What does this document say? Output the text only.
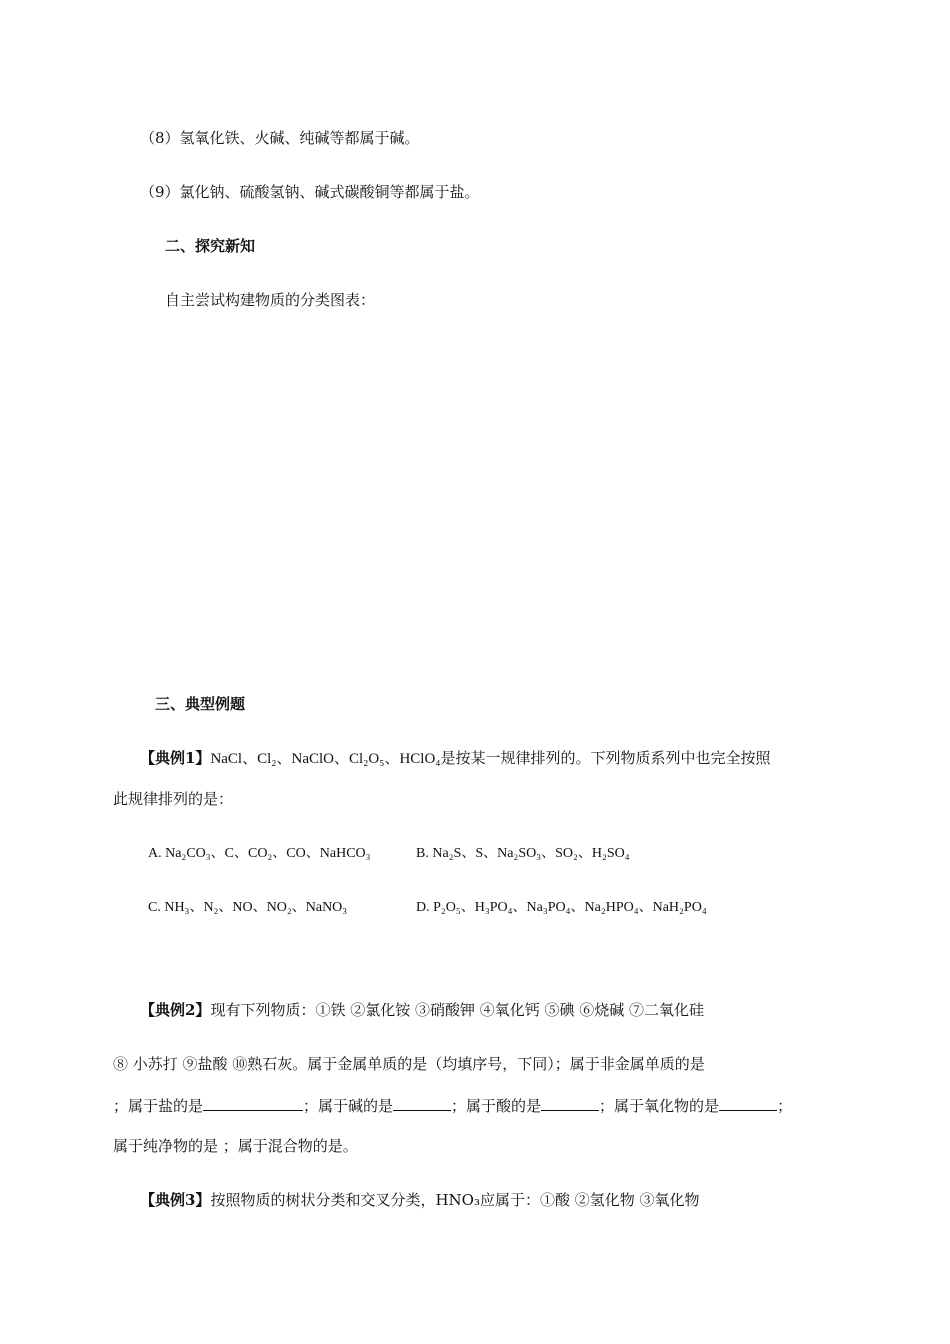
（8）氢氧化铁、火碱、纯碱等都属于碱。
（9）氯化钠、硫酸氢钠、碱式碳酸铜等都属于盐。
二、探究新知
自主尝试构建物质的分类图表：
三、典型例题
【典例1】NaCl、Cl₂、NaClO、Cl₂O₅、HClO₄是按某一规律排列的。下列物质系列中也完全按照
此规律排列的是：
A. Na₂CO₃、C、CO₂、CO、NaHCO₃	B. Na₂S、S、Na₂SO₃、SO₂、H₂SO₄
C. NH₃、N₂、NO、NO₂、NaNO₃	D. P₂O₅、H₃PO₄、Na₃PO₄、Na₂HPO₄、NaH₂PO₄
【典例2】现有下列物质：①铁 ②氯化铵 ③硝酸钾 ④氧化钙 ⑤碘 ⑥烧碱 ⑦二氧化硅
⑧ 小苏打 ⑨盐酸 ⑩熟石灰。属于金属单质的是（均填序号，下同）；属于非金属单质的是
；属于盐的是	；属于碱的是	；属于酸的是	；属于氧化物的是	；
属于纯净物的是 ；属于混合物的是。
【典例3】按照物质的树状分类和交叉分类，HNO₃应属于：①酸 ②氢化物 ③氧化物
